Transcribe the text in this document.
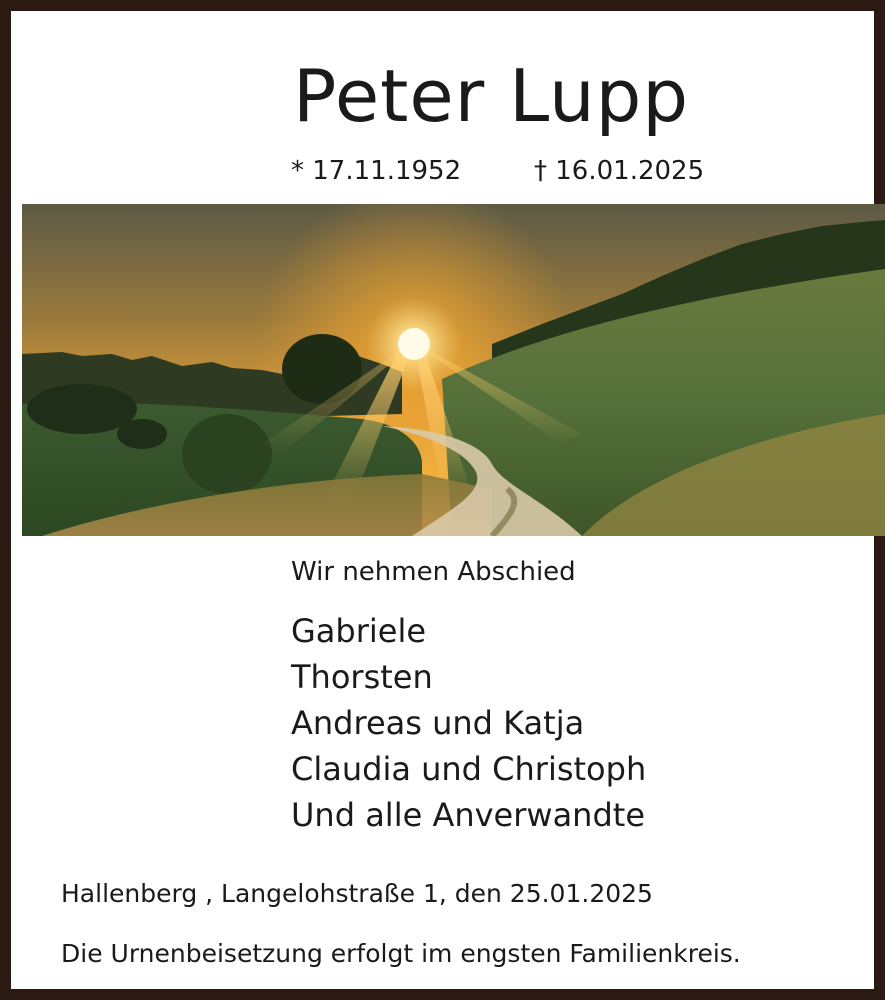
Peter Lupp
* 17.11.1952	† 16.01.2025
Wir nehmen Abschied
Gabriele
Thorsten
Andreas und Katja
Claudia und Christoph
Und alle Anverwandte
Hallenberg , Langelohstraße 1, den 25.01.2025
Die Urnenbeisetzung erfolgt im engsten Familienkreis.
